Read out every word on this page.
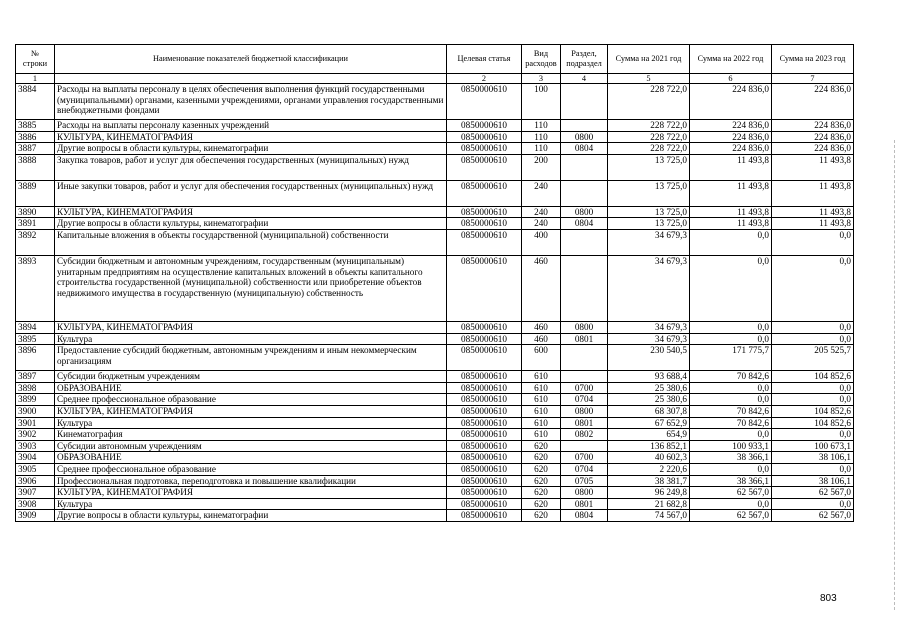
№ строки	Наименование показателей бюджетной классификации	Целевая статья	Вид расходов	Раздел, подраздел	Сумма на 2021 год	Сумма на 2022 год	Сумма на 2023 год
1		2	3	4	5	6	7
3884	Расходы на выплаты персоналу в целях обеспечения выполнения функций государственными (муниципальными) органами, казенными учреждениями, органами управления государственными внебюджетными фондами	0850000610	100		228 722,0	224 836,0	224 836,0
3885	Расходы на выплаты персоналу казенных учреждений	0850000610	110		228 722,0	224 836,0	224 836,0
3886	КУЛЬТУРА, КИНЕМАТОГРАФИЯ	0850000610	110	0800	228 722,0	224 836,0	224 836,0
3887	Другие вопросы в области культуры, кинематографии	0850000610	110	0804	228 722,0	224 836,0	224 836,0
3888	Закупка товаров, работ и услуг для обеспечения государственных (муниципальных) нужд	0850000610	200		13 725,0	11 493,8	11 493,8
3889	Иные закупки товаров, работ и услуг для обеспечения государственных (муниципальных) нужд	0850000610	240		13 725,0	11 493,8	11 493,8
3890	КУЛЬТУРА, КИНЕМАТОГРАФИЯ	0850000610	240	0800	13 725,0	11 493,8	11 493,8
3891	Другие вопросы в области культуры, кинематографии	0850000610	240	0804	13 725,0	11 493,8	11 493,8
3892	Капитальные вложения в объекты государственной (муниципальной) собственности	0850000610	400		34 679,3	0,0	0,0
3893	Субсидии бюджетным и автономным учреждениям, государственным (муниципальным) унитарным предприятиям на осуществление капитальных вложений в объекты капитального строительства государственной (муниципальной) собственности или приобретение объектов недвижимого имущества в государственную (муниципальную) собственность	0850000610	460		34 679,3	0,0	0,0
3894	КУЛЬТУРА, КИНЕМАТОГРАФИЯ	0850000610	460	0800	34 679,3	0,0	0,0
3895	Культура	0850000610	460	0801	34 679,3	0,0	0,0
3896	Предоставление субсидий бюджетным, автономным учреждениям и иным некоммерческим организациям	0850000610	600		230 540,5	171 775,7	205 525,7
3897	Субсидии бюджетным учреждениям	0850000610	610		93 688,4	70 842,6	104 852,6
3898	ОБРАЗОВАНИЕ	0850000610	610	0700	25 380,6	0,0	0,0
3899	Среднее профессиональное образование	0850000610	610	0704	25 380,6	0,0	0,0
3900	КУЛЬТУРА, КИНЕМАТОГРАФИЯ	0850000610	610	0800	68 307,8	70 842,6	104 852,6
3901	Культура	0850000610	610	0801	67 652,9	70 842,6	104 852,6
3902	Кинематография	0850000610	610	0802	654,9	0,0	0,0
3903	Субсидии автономным учреждениям	0850000610	620		136 852,1	100 933,1	100 673,1
3904	ОБРАЗОВАНИЕ	0850000610	620	0700	40 602,3	38 366,1	38 106,1
3905	Среднее профессиональное образование	0850000610	620	0704	2 220,6	0,0	0,0
3906	Профессиональная подготовка, переподготовка и повышение квалификации	0850000610	620	0705	38 381,7	38 366,1	38 106,1
3907	КУЛЬТУРА, КИНЕМАТОГРАФИЯ	0850000610	620	0800	96 249,8	62 567,0	62 567,0
3908	Культура	0850000610	620	0801	21 682,8	0,0	0,0
3909	Другие вопросы в области культуры, кинематографии	0850000610	620	0804	74 567,0	62 567,0	62 567,0
803
